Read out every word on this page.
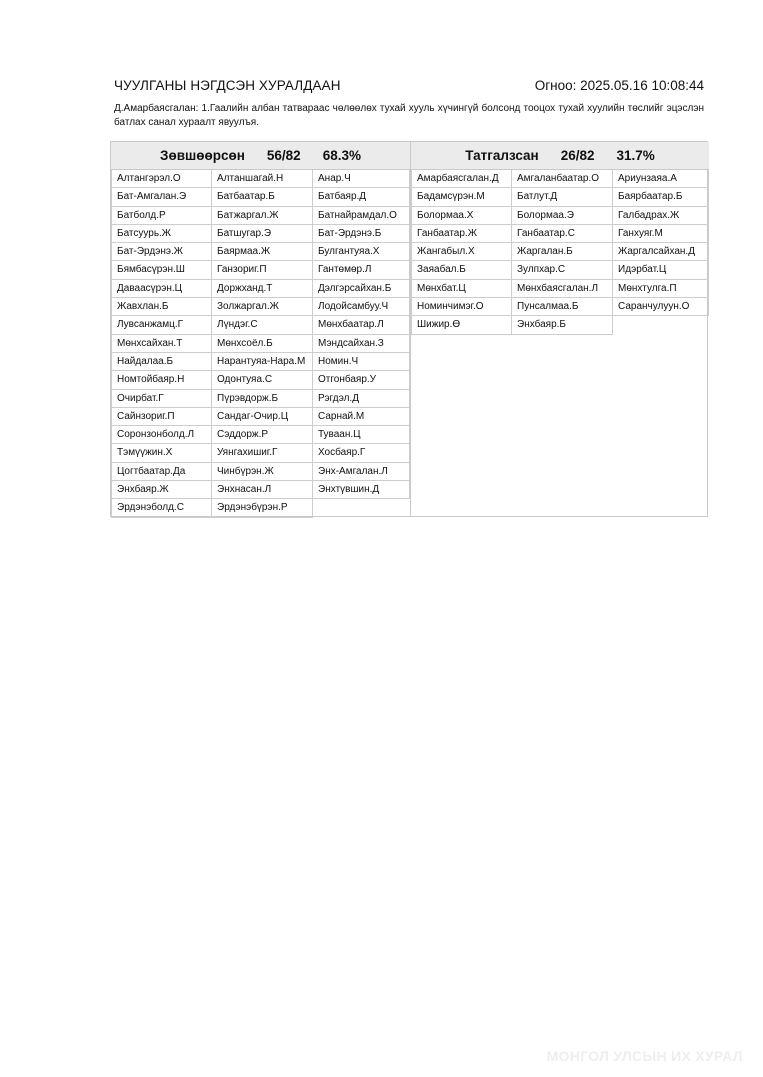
ЧУУЛГАНЫ НЭГДСЭН ХУРАЛДААН	Огноо: 2025.05.16 10:08:44
Д.Амарбаясгалан: 1.Гаалийн албан татвараас чөлөөлөх тухай хууль хүчингүй болсонд тооцох тухай хуулийн төслийг эцэслэн батлах санал хураалт явуулъя.
Зөвшөөрсөн 56/82 68.3%
Алтангэрэл.О	Алтаншагай.Н	Анар.Ч
Бат-Амгалан.Э	Батбаатар.Б	Батбаяр.Д
Батболд.Р	Батжаргал.Ж	Батнайрамдал.О
Батсуурь.Ж	Батшугар.Э	Бат-Эрдэнэ.Б
Бат-Эрдэнэ.Ж	Баярмаа.Ж	Булгантуяа.Х
Бямбасүрэн.Ш	Ганзориг.П	Гантөмөр.Л
Даваасүрэн.Ц	Доржханд.Т	Дэлгэрсайхан.Б
Жавхлан.Б	Золжаргал.Ж	Лодойсамбуу.Ч
Лувсанжамц.Г	Лүндэг.С	Мөнхбаатар.Л
Мөнхсайхан.Т	Мөнхсоёл.Б	Мэндсайхан.З
Найдалаа.Б	Нарантуяа-Нара.М	Номин.Ч
Номтойбаяр.Н	Одонтуяа.С	Отгонбаяр.У
Очирбат.Г	Пүрэвдорж.Б	Рэгдэл.Д
Сайнзориг.П	Сандаг-Очир.Ц	Сарнай.М
Соронзонболд.Л	Сэддорж.Р	Туваан.Ц
Тэмүүжин.Х	Уянгахишиг.Г	Хосбаяр.Г
Цогтбаатар.Да	Чинбүрэн.Ж	Энх-Амгалан.Л
Энхбаяр.Ж	Энхнасан.Л	Энхтүвшин.Д
Эрдэнэболд.С	Эрдэнэбүрэн.Р
Татгалзсан 26/82 31.7%
Амарбаясгалан.Д	Амгаланбаатар.О	Ариунзаяа.А
Бадамсүрэн.М	Батлут.Д	Баярбаатар.Б
Болормаа.Х	Болормаа.Э	Галбадрах.Ж
Ганбаатар.Ж	Ганбаатар.С	Ганхуяг.М
Жангабыл.Х	Жаргалан.Б	Жаргалсайхан.Д
Заяабал.Б	Зулпхар.С	Идэрбат.Ц
Мөнхбат.Ц	Мөнхбаясгалан.Л	Мөнхтулга.П
Номинчимэг.О	Пунсалмаа.Б	Саранчулуун.О
Шижир.Ө	Энхбаяр.Б
МОНГОЛ УЛСЫН ИХ ХУРАЛ
